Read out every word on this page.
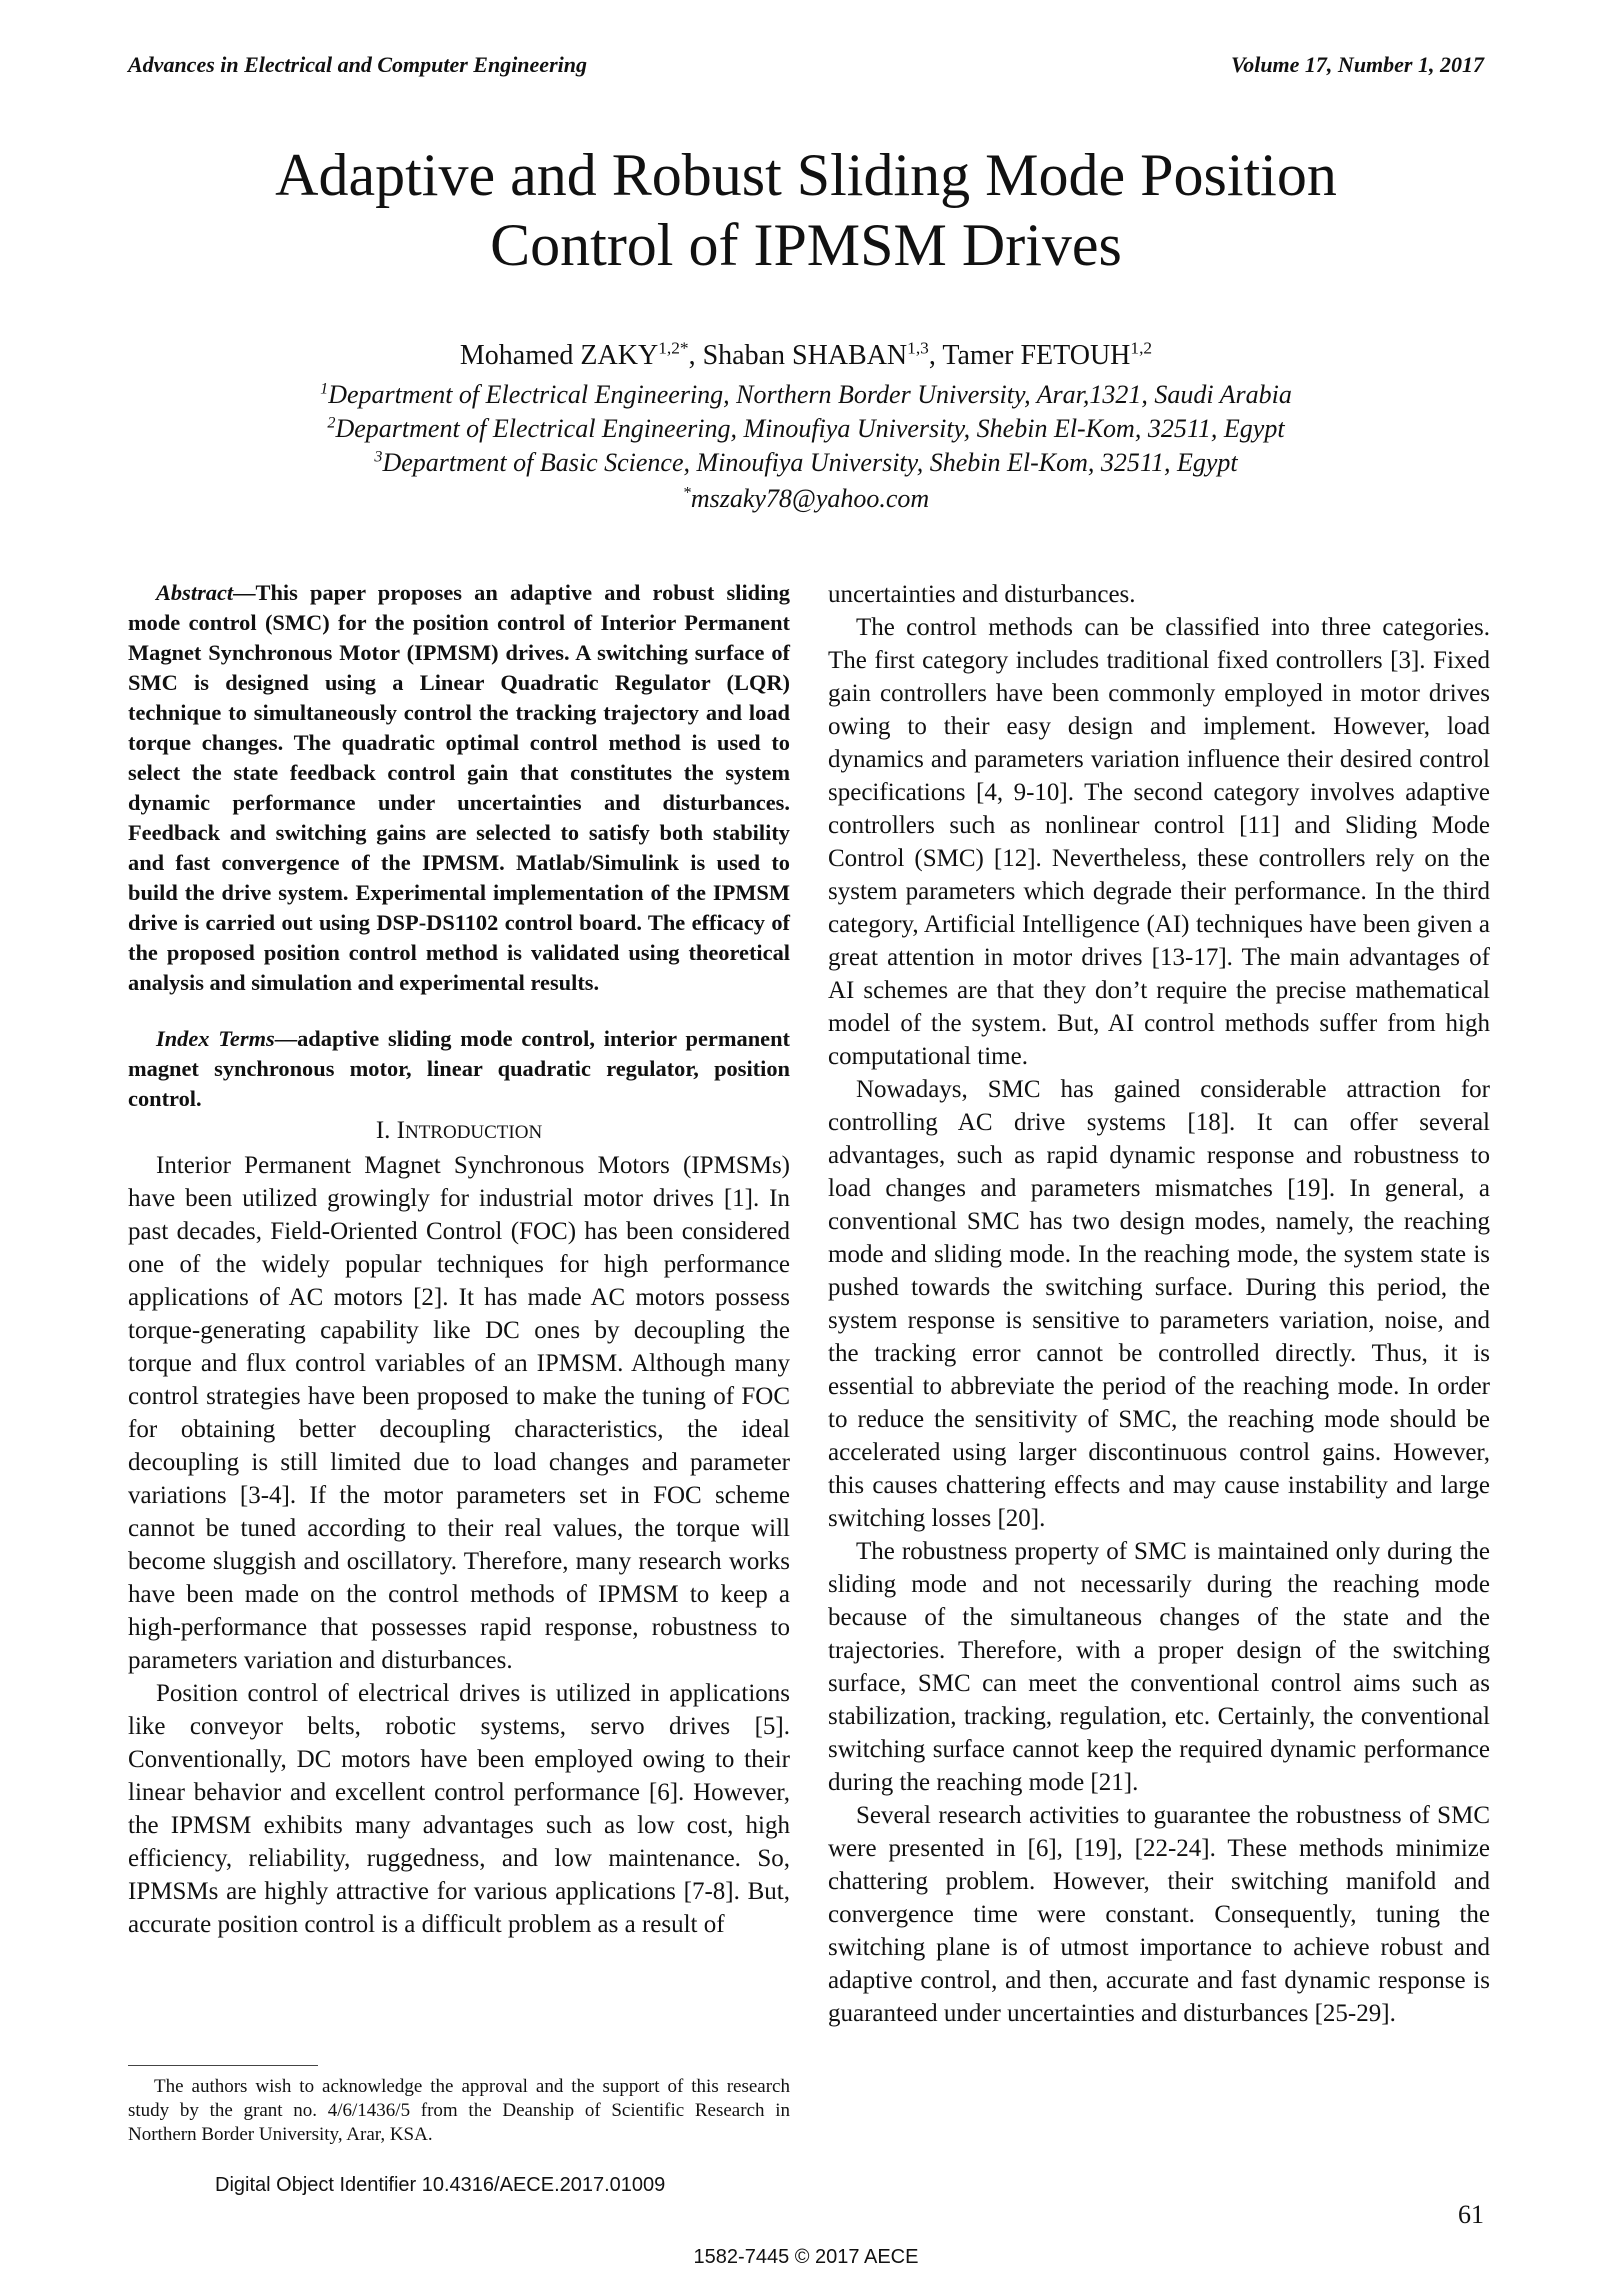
Advances in Electrical and Computer Engineering	Volume 17, Number 1, 2017
Adaptive and Robust Sliding Mode Position
Control of IPMSM Drives
Mohamed $ZAKY^{1,2*}$, Shaban SHABAN$^{1,3}$, Tamer FETOUH$^{1,2}$
$^1$Department of Electrical Engineering, Northern Border University, Arar,1321, Saudi Arabia
$^2$Department of Electrical Engineering, Minoufiya University, Shebin El-Kom, 32511, Egypt
$^3$Department of Basic Science, Minoufiya University, Shebin El-Kom, 32511, Egypt
*mszaky78@yahoo.com

Abstract—This paper proposes an adaptive and robust sliding mode control (SMC) for the position control of Interior Permanent Magnet Synchronous Motor (IPMSM) drives. A switching surface of SMC is designed using a Linear Quadratic Regulator (LQR) technique to simultaneously control the tracking trajectory and load torque changes. The quadratic optimal control method is used to select the state feedback control gain that constitutes the system dynamic performance under uncertainties and disturbances. Feedback and switching gains are selected to satisfy both stability and fast convergence of the IPMSM. Matlab/Simulink is used to build the drive system. Experimental implementation of the IPMSM drive is carried out using DSP-DS1102 control board. The efficacy of the proposed position control method is validated using theoretical analysis and simulation and experimental results.

Index Terms—adaptive sliding mode control, interior permanent magnet synchronous motor, linear quadratic regulator, position control.

I. INTRODUCTION

Interior Permanent Magnet Synchronous Motors (IPMSMs) have been utilized growingly for industrial motor drives [1]. In past decades, Field-Oriented Control (FOC) has been considered one of the widely popular techniques for high performance applications of AC motors [2]. It has made AC motors possess torque-generating capability like DC ones by decoupling the torque and flux control variables of an IPMSM. Although many control strategies have been proposed to make the tuning of FOC for obtaining better decoupling characteristics, the ideal decoupling is still limited due to load changes and parameter variations [3-4]. If the motor parameters set in FOC scheme cannot be tuned according to their real values, the torque will become sluggish and oscillatory. Therefore, many research works have been made on the control methods of IPMSM to keep a high-performance that possesses rapid response, robustness to parameters variation and disturbances.

Position control of electrical drives is utilized in applications like conveyor belts, robotic systems, servo drives [5]. Conventionally, DC motors have been employed owing to their linear behavior and excellent control performance [6]. However, the IPMSM exhibits many advantages such as low cost, high efficiency, reliability, ruggedness, and low maintenance. So, IPMSMs are highly attractive for various applications [7-8]. But, accurate position control is a difficult problem as a result of

uncertainties and disturbances.

The control methods can be classified into three categories. The first category includes traditional fixed controllers [3]. Fixed gain controllers have been commonly employed in motor drives owing to their easy design and implement. However, load dynamics and parameters variation influence their desired control specifications [4, 9-10]. The second category involves adaptive controllers such as nonlinear control [11] and Sliding Mode Control (SMC) [12]. Nevertheless, these controllers rely on the system parameters which degrade their performance. In the third category, Artificial Intelligence (AI) techniques have been given a great attention in motor drives [13-17]. The main advantages of AI schemes are that they don’t require the precise mathematical model of the system. But, AI control methods suffer from high computational time.

Nowadays, SMC has gained considerable attraction for controlling AC drive systems [18]. It can offer several advantages, such as rapid dynamic response and robustness to load changes and parameters mismatches [19]. In general, a conventional SMC has two design modes, namely, the reaching mode and sliding mode. In the reaching mode, the system state is pushed towards the switching surface. During this period, the system response is sensitive to parameters variation, noise, and the tracking error cannot be controlled directly. Thus, it is essential to abbreviate the period of the reaching mode. In order to reduce the sensitivity of SMC, the reaching mode should be accelerated using larger discontinuous control gains. However, this causes chattering effects and may cause instability and large switching losses [20].

The robustness property of SMC is maintained only during the sliding mode and not necessarily during the reaching mode because of the simultaneous changes of the state and the trajectories. Therefore, with a proper design of the switching surface, SMC can meet the conventional control aims such as stabilization, tracking, regulation, etc. Certainly, the conventional switching surface cannot keep the required dynamic performance during the reaching mode [21].

Several research activities to guarantee the robustness of SMC were presented in [6], [19], [22-24]. These methods minimize chattering problem. However, their switching manifold and convergence time were constant. Consequently, tuning the switching plane is of utmost importance to achieve robust and adaptive control, and then, accurate and fast dynamic response is guaranteed under uncertainties and disturbances [25-29].

The authors wish to acknowledge the approval and the support of this research study by the grant no. 4/6/1436/5 from the Deanship of Scientific Research in Northern Border University, Arar, KSA.

Digital Object Identifier 10.4316/AECE.2017.01009
61
1582-7445 © 2017 AECE
